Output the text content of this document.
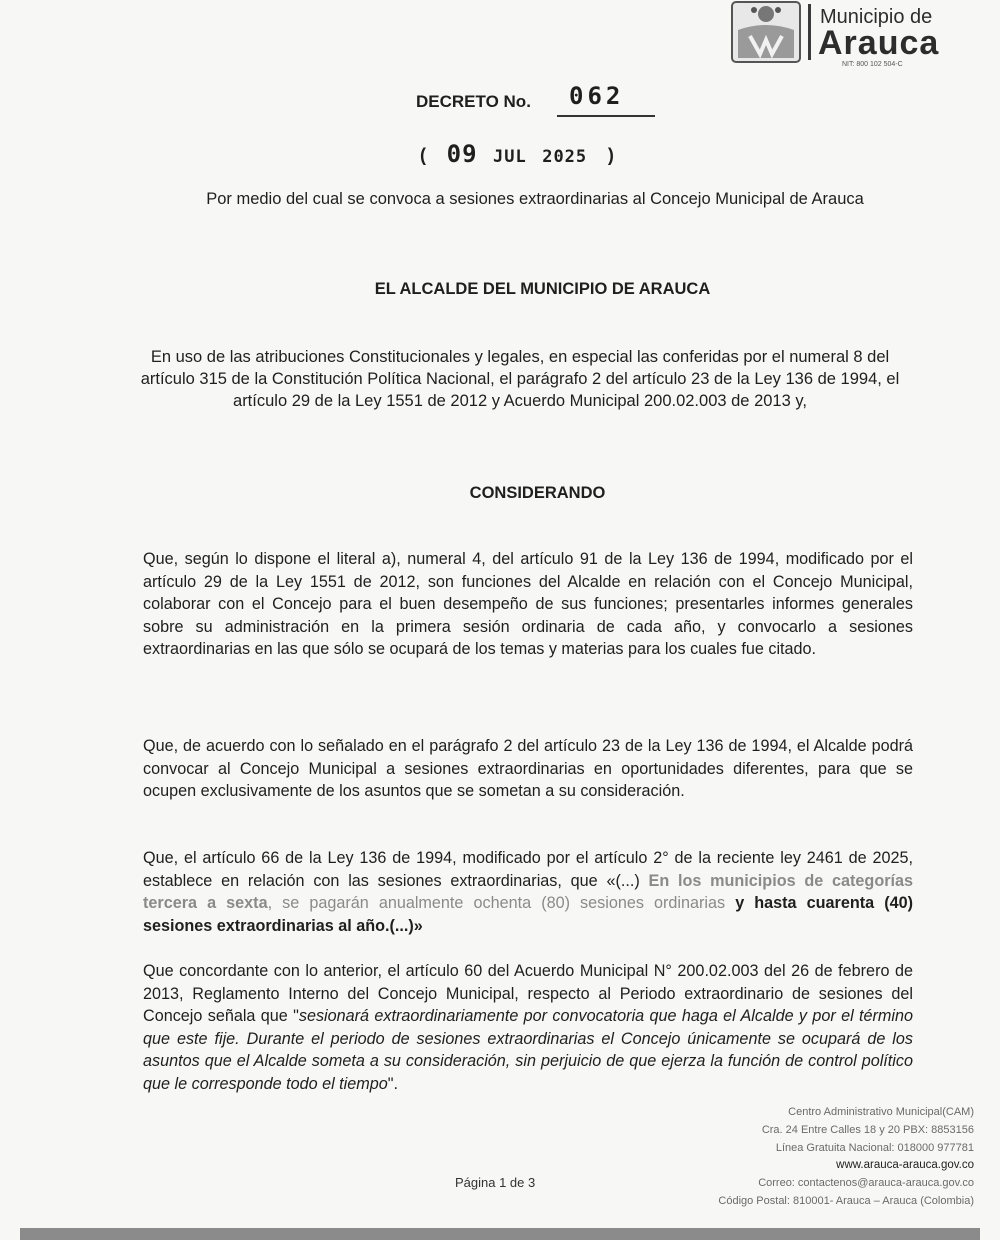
Municipio de
Arauca
NIT: 800 102 504-C
DECRETO No.	062
( 09 JUL 2025 )
Por medio del cual se convoca a sesiones extraordinarias al Concejo Municipal de Arauca
EL ALCALDE DEL MUNICIPIO DE ARAUCA
En uso de las atribuciones Constitucionales y legales, en especial las conferidas por el numeral 8 del artículo 315 de la Constitución Política Nacional, el parágrafo 2 del artículo 23 de la Ley 136 de 1994, el artículo 29 de la Ley 1551 de 2012 y Acuerdo Municipal 200.02.003 de 2013 y,
CONSIDERANDO
Que, según lo dispone el literal a), numeral 4, del artículo 91 de la Ley 136 de 1994, modificado por el artículo 29 de la Ley 1551 de 2012, son funciones del Alcalde en relación con el Concejo Municipal, colaborar con el Concejo para el buen desempeño de sus funciones; presentarles informes generales sobre su administración en la primera sesión ordinaria de cada año, y convocarlo a sesiones extraordinarias en las que sólo se ocupará de los temas y materias para los cuales fue citado.
Que, de acuerdo con lo señalado en el parágrafo 2 del artículo 23 de la Ley 136 de 1994, el Alcalde podrá convocar al Concejo Municipal a sesiones extraordinarias en oportunidades diferentes, para que se ocupen exclusivamente de los asuntos que se sometan a su consideración.
Que, el artículo 66 de la Ley 136 de 1994, modificado por el artículo 2° de la reciente ley 2461 de 2025, establece en relación con las sesiones extraordinarias, que «(...) En los municipios de categorías tercera a sexta, se pagarán anualmente ochenta (80) sesiones ordinarias y hasta cuarenta (40) sesiones extraordinarias al año.(...)»
Que concordante con lo anterior, el artículo 60 del Acuerdo Municipal N° 200.02.003 del 26 de febrero de 2013, Reglamento Interno del Concejo Municipal, respecto al Periodo extraordinario de sesiones del Concejo señala que "sesionará extraordinariamente por convocatoria que haga el Alcalde y por el término que este fije. Durante el periodo de sesiones extraordinarias el Concejo únicamente se ocupará de los asuntos que el Alcalde someta a su consideración, sin perjuicio de que ejerza la función de control político que le corresponde todo el tiempo".
Página 1 de 3
Centro Administrativo Municipal(CAM)
Cra. 24 Entre Calles 18 y 20 PBX: 8853156
Línea Gratuita Nacional: 018000 977781
www.arauca-arauca.gov.co
Correo: contactenos@arauca-arauca.gov.co
Código Postal: 810001- Arauca – Arauca (Colombia)
